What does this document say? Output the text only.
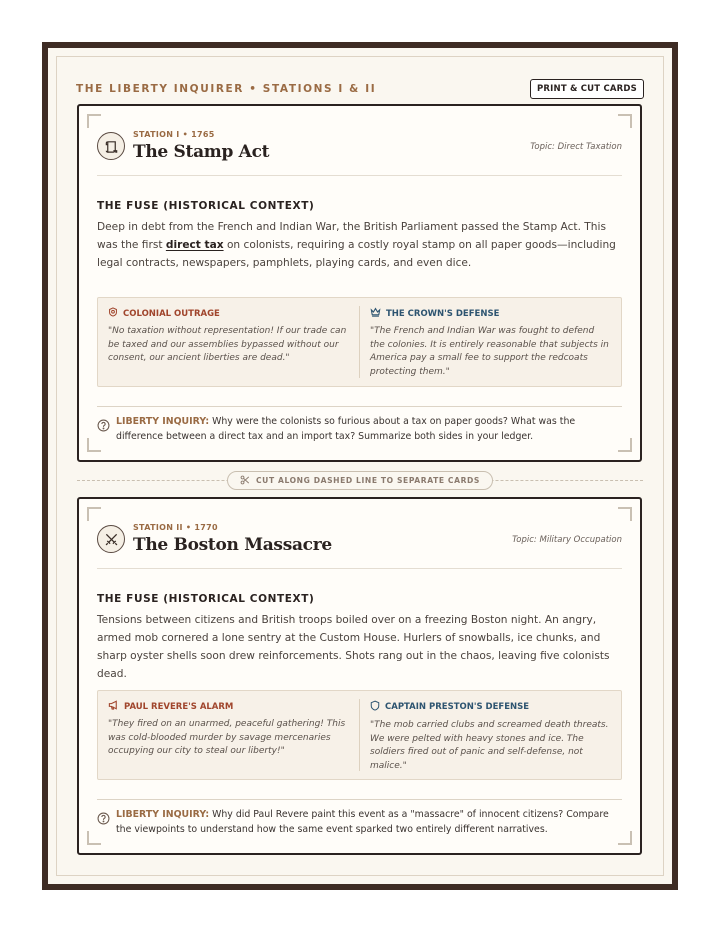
THE LIBERTY INQUIRER • STATIONS I & II	PRINT & CUT CARDS
STATION I • 1765
The Stamp Act	Topic: Direct Taxation
THE FUSE (HISTORICAL CONTEXT)
Deep in debt from the French and Indian War, the British Parliament passed the Stamp Act. This was the first direct tax on colonists, requiring a costly royal stamp on all paper goods—including legal contracts, newspapers, pamphlets, playing cards, and even dice.
COLONIAL OUTRAGE
"No taxation without representation! If our trade can be taxed and our assemblies bypassed without our consent, our ancient liberties are dead."
THE CROWN'S DEFENSE
"The French and Indian War was fought to defend the colonies. It is entirely reasonable that subjects in America pay a small fee to support the redcoats protecting them."
LIBERTY INQUIRY: Why were the colonists so furious about a tax on paper goods? What was the difference between a direct tax and an import tax? Summarize both sides in your ledger.
CUT ALONG DASHED LINE TO SEPARATE CARDS
STATION II • 1770
The Boston Massacre	Topic: Military Occupation
THE FUSE (HISTORICAL CONTEXT)
Tensions between citizens and British troops boiled over on a freezing Boston night. An angry, armed mob cornered a lone sentry at the Custom House. Hurlers of snowballs, ice chunks, and sharp oyster shells soon drew reinforcements. Shots rang out in the chaos, leaving five colonists dead.
PAUL REVERE'S ALARM
"They fired on an unarmed, peaceful gathering! This was cold-blooded murder by savage mercenaries occupying our city to steal our liberty!"
CAPTAIN PRESTON'S DEFENSE
"The mob carried clubs and screamed death threats. We were pelted with heavy stones and ice. The soldiers fired out of panic and self-defense, not malice."
LIBERTY INQUIRY: Why did Paul Revere paint this event as a "massacre" of innocent citizens? Compare the viewpoints to understand how the same event sparked two entirely different narratives.
